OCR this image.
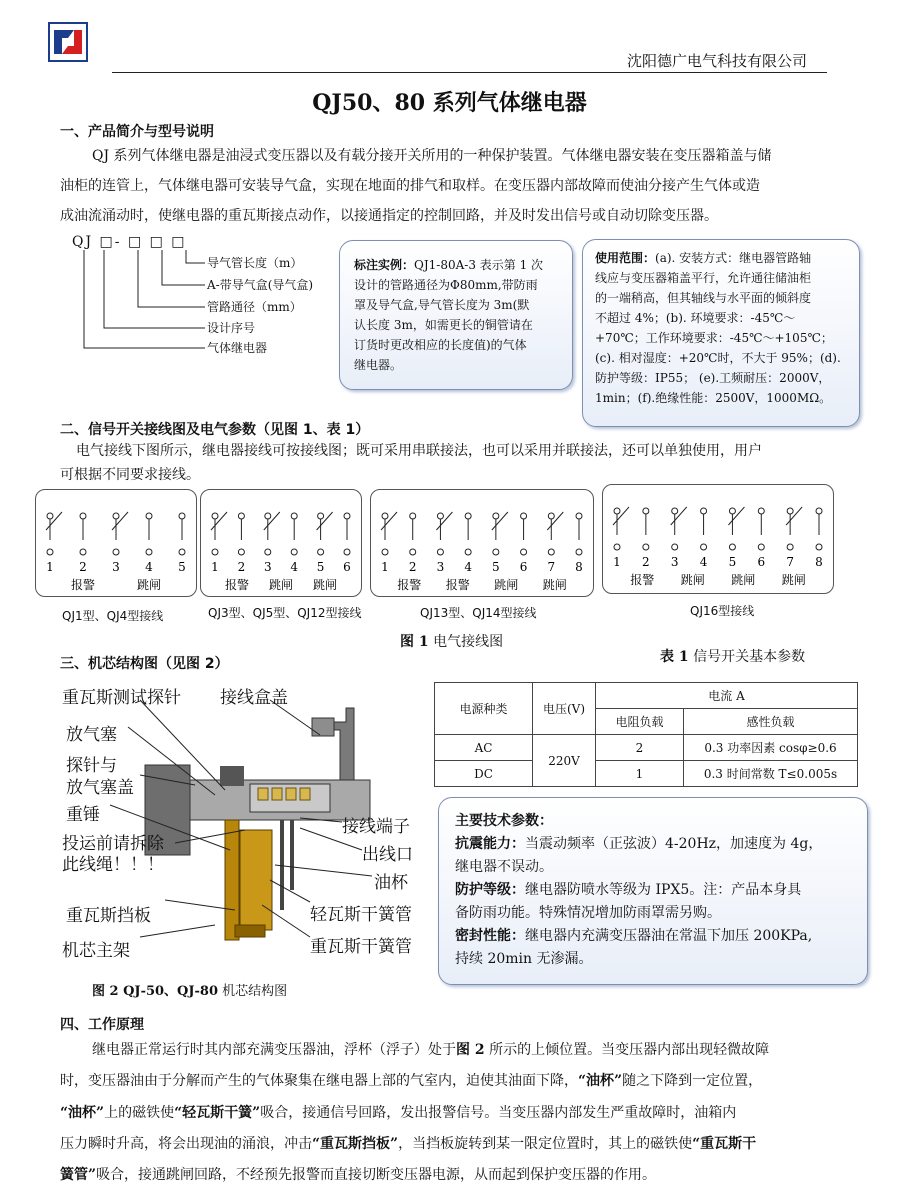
沈阳德广电气科技有限公司
QJ50、80 系列气体继电器
一、产品简介与型号说明
QJ 系列气体继电器是油浸式变压器以及有载分接开关所用的一种保护装置。气体继电器安装在变压器箱盖与储
油柜的连管上，气体继电器可安装导气盒，实现在地面的排气和取样。在变压器内部故障而使油分接产生气体或造
成油流涌动时，使继电器的重瓦斯接点动作，以接通指定的控制回路，并及时发出信号或自动切除变压器。
QJ □- □ □ □
导气管长度（m）
A-带导气盒(导气盒)
管路通径（mm）
设计序号
气体继电器
标注实例：QJ1-80A-3 表示第 1 次
设计的管路通径为Φ80mm,带防雨
罩及导气盒,导气管长度为 3m(默
认长度 3m，如需更长的铜管请在
订货时更改相应的长度值)的气体
继电器。
使用范围：(a). 安装方式：继电器管路轴
线应与变压器箱盖平行，允许通往储油柜
的一端稍高，但其轴线与水平面的倾斜度
不超过 4%；(b). 环境要求：-45℃～
+70℃；工作环境要求：-45℃～+105℃；
(c). 相对湿度：+20℃时，不大于 95%；(d).
防护等级：IP55； (e).工频耐压：2000V，
1min；(f).绝缘性能：2500V，1000MΩ。
二、信号开关接线图及电气参数（见图 1、表 1）
电气接线下图所示，继电器接线可按接线图；既可采用串联接法，也可以采用并联接法，还可以单独使用，用户
可根据不同要求接线。
1 2 3 4 5
报警	跳闸
1 2 3 4 5 6
报警 跳闸 跳闸
1 2 3 4 5 6 7 8
报警 报警 跳闸 跳闸
1 2 3 4 5 6 7 8
报警 跳闸 跳闸 跳闸
QJ1型、QJ4型接线	QJ3型、QJ5型、QJ12型接线	QJ13型、QJ14型接线	QJ16型接线
图 1 电气接线图
三、机芯结构图（见图 2）
图 2 QJ-50、QJ-80 机芯结构图
重瓦斯测试探针
放气塞
探针与
放气塞盖
重锤
投运前请拆除
此线绳！！！
重瓦斯挡板
机芯主架
接线盒盖
接线端子
出线口
油杯
轻瓦斯干簧管
重瓦斯干簧管
表 1 信号开关基本参数
电源种类	电压(V)	电流 A	
		电阻负载	感性负载
AC	220V	2	0.3 功率因素 cosφ≥0.6
DC		1	0.3 时间常数 T≤0.005s
主要技术参数：
抗震能力：当震动频率（正弦波）4-20Hz，加速度为 4g，
继电器不误动。
防护等级：继电器防喷水等级为 IPX5。注：产品本身具
备防雨功能。特殊情况增加防雨罩需另购。
密封性能：继电器内充满变压器油在常温下加压 200KPa,
持续 20min 无渗漏。
四、工作原理
继电器正常运行时其内部充满变压器油，浮杯（浮子）处于图 2 所示的上倾位置。当变压器内部出现轻微故障
时，变压器油由于分解而产生的气体聚集在继电器上部的气室内，迫使其油面下降，“油杯”随之下降到一定位置，
“油杯”上的磁铁使“轻瓦斯干簧”吸合，接通信号回路，发出报警信号。当变压器内部发生严重故障时，油箱内
压力瞬时升高，将会出现油的涌浪，冲击“重瓦斯挡板”，当挡板旋转到某一限定位置时，其上的磁铁使“重瓦斯干
簧管”吸合，接通跳闸回路，不经预先报警而直接切断变压器电源，从而起到保护变压器的作用。
